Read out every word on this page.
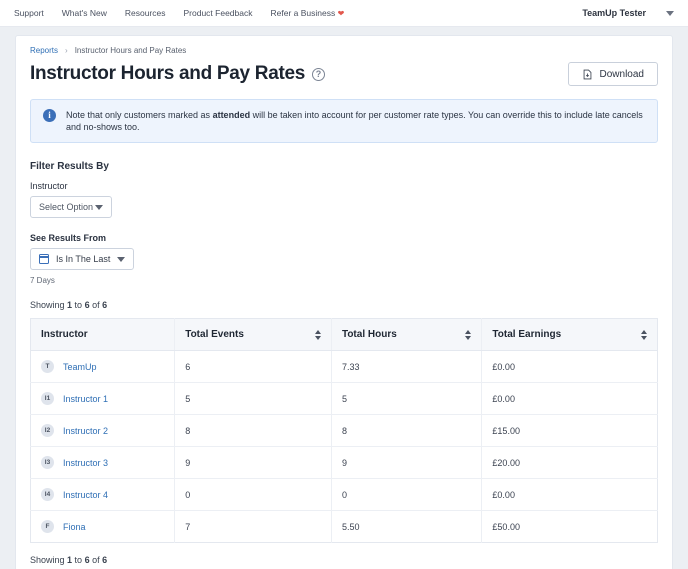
Support What's New Resources Product Feedback Refer a Business ❤	TeamUp Tester
Reports › Instructor Hours and Pay Rates
Instructor Hours and Pay Rates	?	Download
i	Note that only customers marked as attended will be taken into account for per customer rate types. You can override this to include late cancels and no-shows too.
Filter Results By
Instructor
Select Option
See Results From
Is In The Last
7 Days
Showing 1 to 6 of 6
Instructor	Total Events	Total Hours	Total Earnings

T TeamUp	6	7.33	£0.00

I1 Instructor 1	5	5	£0.00

I2 Instructor 2	8	8	£15.00

I3 Instructor 3	9	9	£20.00

I4 Instructor 4	0	0	£0.00

F Fiona	7	5.50	£50.00
Showing 1 to 6 of 6
